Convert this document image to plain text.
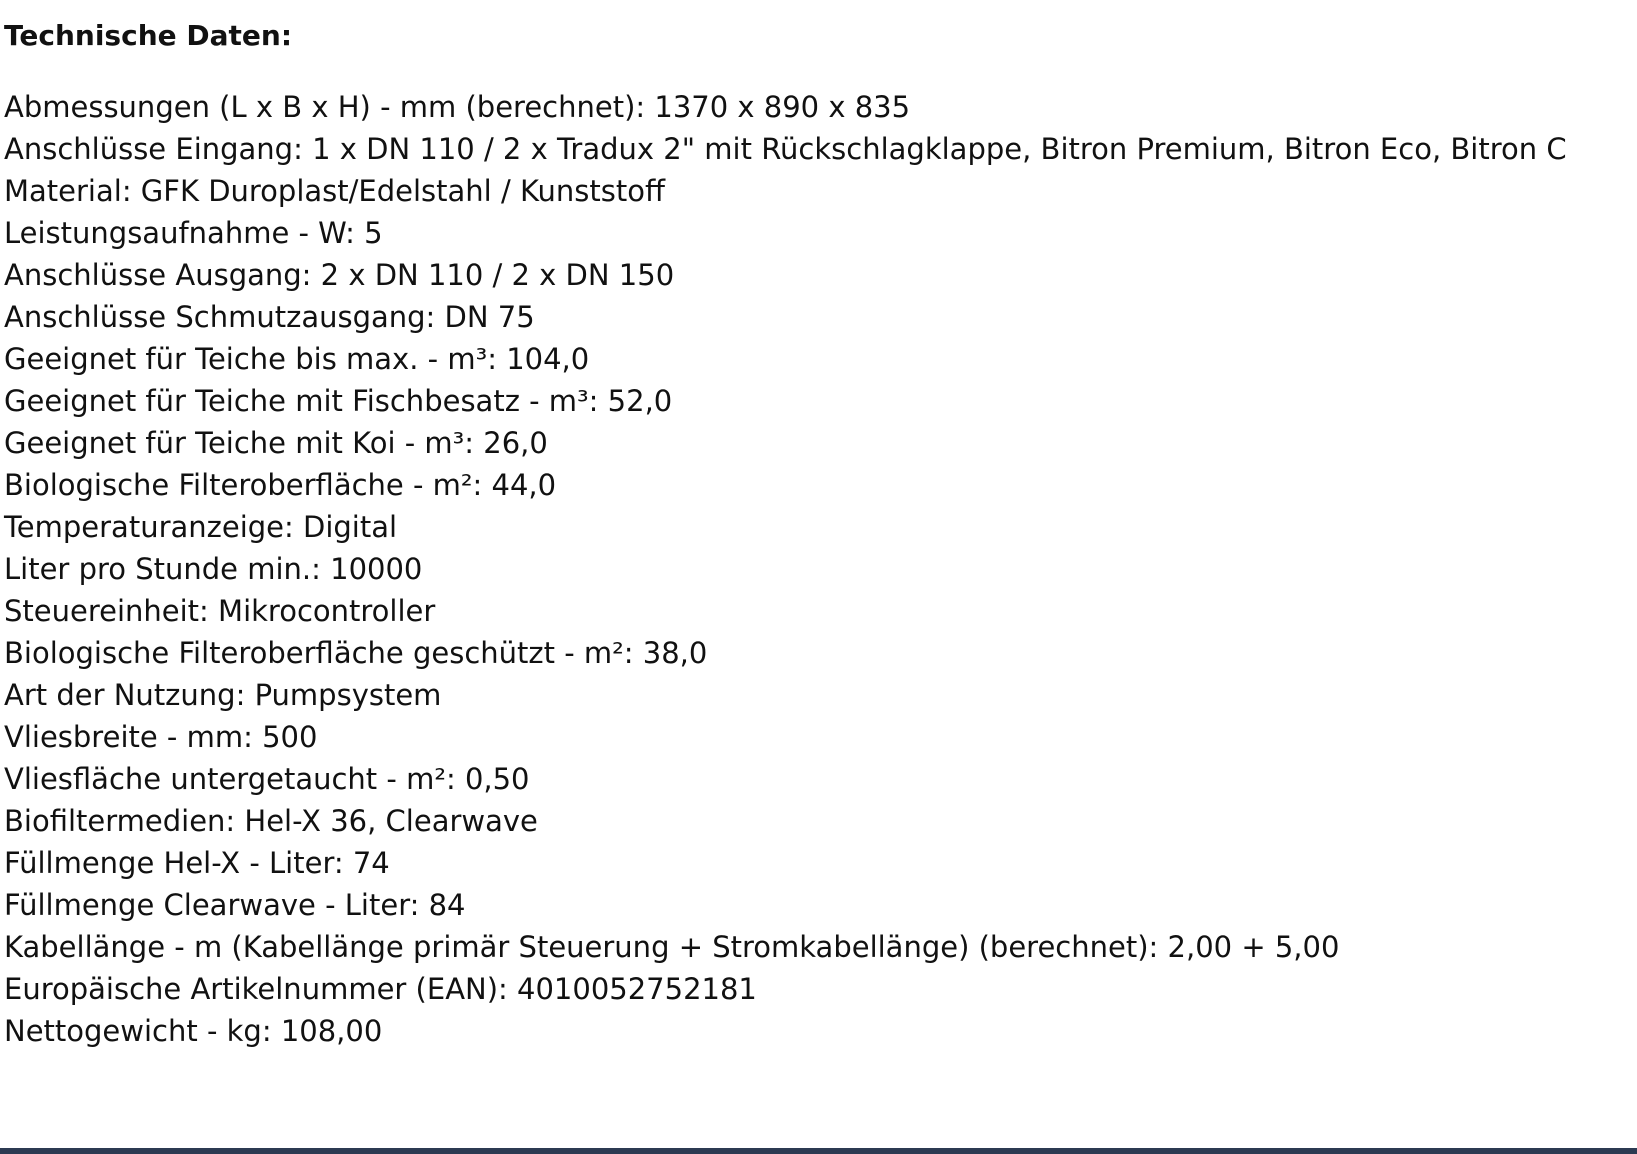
Technische Daten:
Abmessungen (L x B x H) - mm (berechnet): 1370 x 890 x 835
Anschlüsse Eingang: 1 x DN 110 / 2 x Tradux 2" mit Rückschlagklappe, Bitron Premium, Bitron Eco, Bitron C
Material: GFK Duroplast/Edelstahl / Kunststoff
Leistungsaufnahme - W: 5
Anschlüsse Ausgang: 2 x DN 110 / 2 x DN 150
Anschlüsse Schmutzausgang: DN 75
Geeignet für Teiche bis max. - m³: 104,0
Geeignet für Teiche mit Fischbesatz - m³: 52,0
Geeignet für Teiche mit Koi - m³: 26,0
Biologische Filteroberfläche - m²: 44,0
Temperaturanzeige: Digital
Liter pro Stunde min.: 10000
Steuereinheit: Mikrocontroller
Biologische Filteroberfläche geschützt - m²: 38,0
Art der Nutzung: Pumpsystem
Vliesbreite - mm: 500
Vliesfläche untergetaucht - m²: 0,50
Biofiltermedien: Hel-X 36, Clearwave
Füllmenge Hel-X - Liter: 74
Füllmenge Clearwave - Liter: 84
Kabellänge - m (Kabellänge primär Steuerung + Stromkabellänge) (berechnet): 2,00 + 5,00
Europäische Artikelnummer (EAN): 4010052752181
Nettogewicht - kg: 108,00
